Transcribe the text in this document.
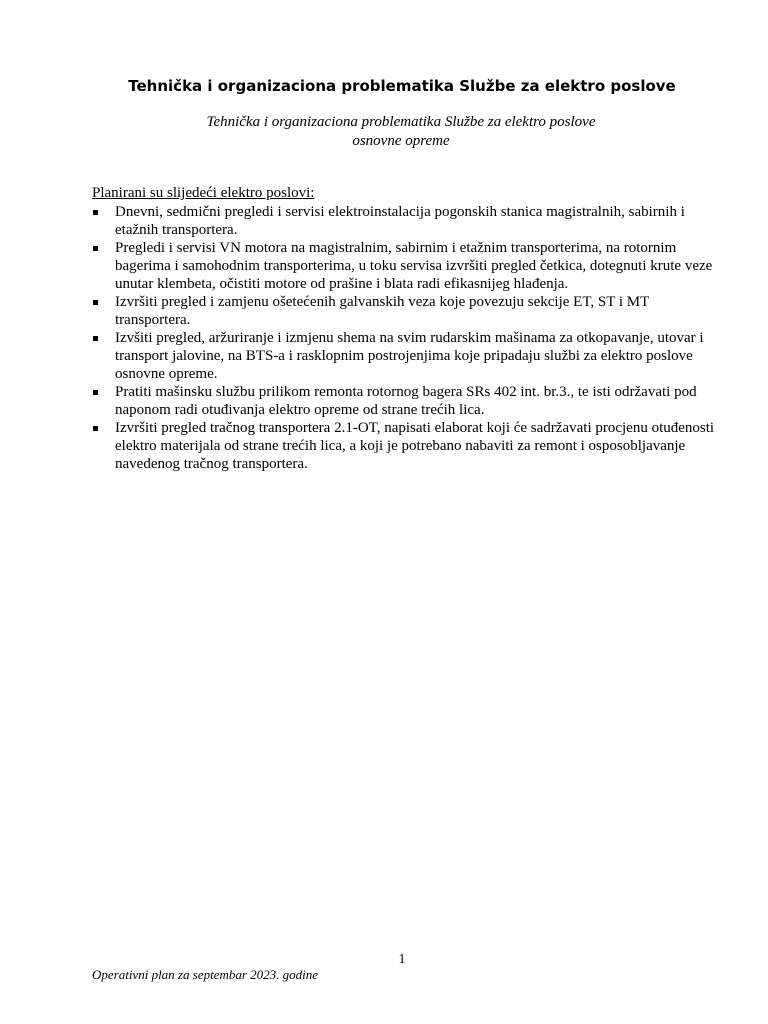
Tehnička i organizaciona problematika Službe za elektro poslove
Tehnička i organizaciona problematika Službe za elektro poslove
osnovne opreme
Planirani su slijedeći elektro poslovi:
Dnevni, sedmični pregledi i servisi elektroinstalacija pogonskih stanica magistralnih, sabirnih i etažnih transportera.
Pregledi i servisi VN motora na magistralnim, sabirnim i etažnim transporterima, na rotornim bagerima i samohodnim transporterima, u toku servisa izvršiti pregled četkica, dotegnuti krute veze unutar klembeta, očistiti motore od prašine i blata radi efikasnijeg hlađenja.
Izvršiti pregled i zamjenu ošetećenih galvanskih veza koje povezuju sekcije ET, ST i MT transportera.
Izvšiti pregled, aržuriranje i izmjenu shema na svim rudarskim mašinama za otkopavanje, utovar i transport jalovine, na BTS-a i rasklopnim postrojenjima koje pripadaju službi za elektro poslove osnovne opreme.
Pratiti mašinsku službu prilikom remonta rotornog bagera SRs 402 int. br.3., te isti održavati pod naponom radi otuđivanja elektro opreme od strane trećih lica.
Izvršiti pregled tračnog transportera 2.1-OT, napisati elaborat koji će sadržavati procjenu otuđenosti elektro materijala od strane trećih lica, a koji je potrebano nabaviti za remont i osposobljavanje navedenog tračnog transportera.
1
Operativni plan za septembar 2023. godine
